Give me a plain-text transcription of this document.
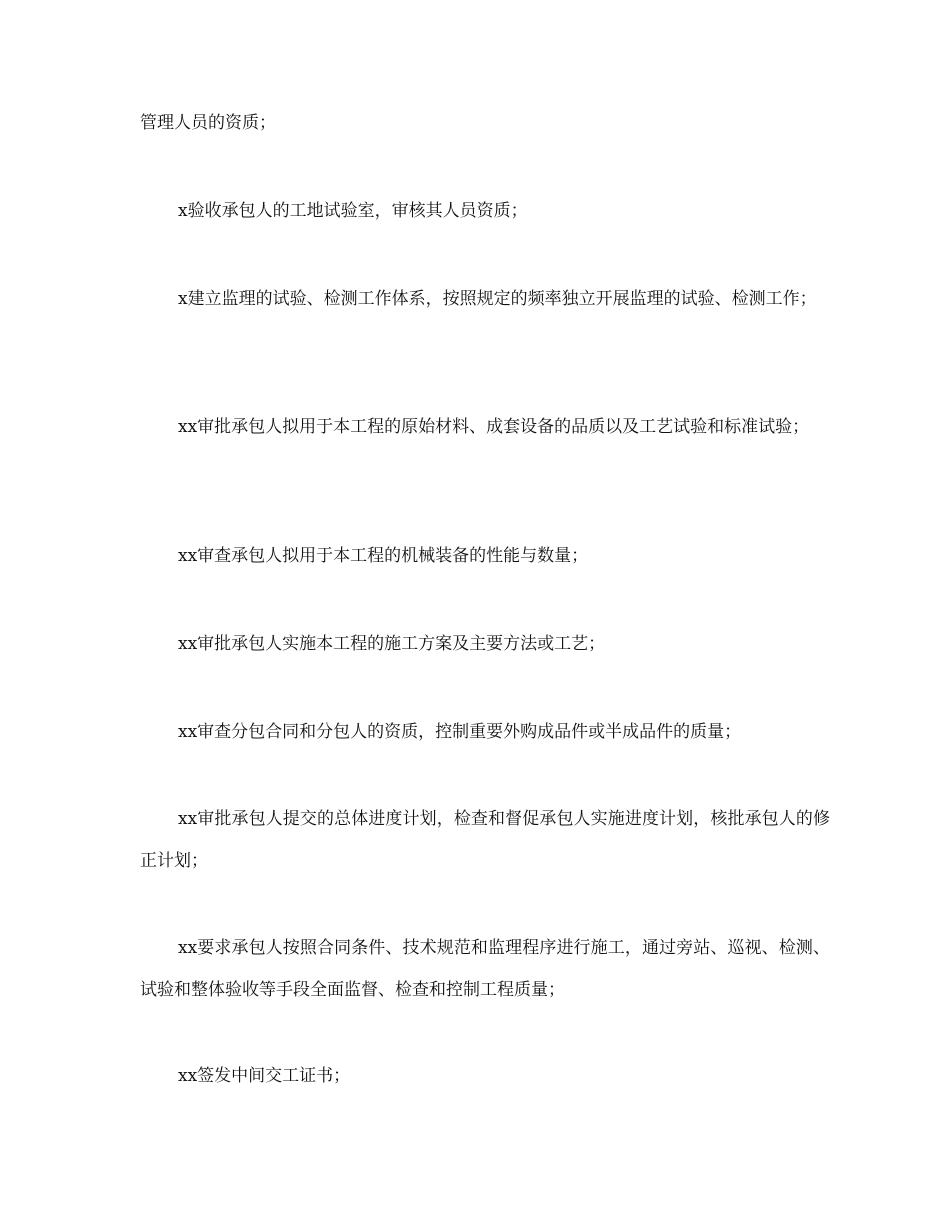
管理人员的资质；

x验收承包人的工地试验室，审核其人员资质；

x建立监理的试验、检测工作体系，按照规定的频率独立开展监理的试验、检测工作；

xx审批承包人拟用于本工程的原始材料、成套设备的品质以及工艺试验和标准试验；

xx审查承包人拟用于本工程的机械装备的性能与数量；

xx审批承包人实施本工程的施工方案及主要方法或工艺；

xx审查分包合同和分包人的资质，控制重要外购成品件或半成品件的质量；

xx审批承包人提交的总体进度计划，检查和督促承包人实施进度计划，核批承包人的修正计划；

xx要求承包人按照合同条件、技术规范和监理程序进行施工，通过旁站、巡视、检测、试验和整体验收等手段全面监督、检查和控制工程质量；

xx签发中间交工证书；
